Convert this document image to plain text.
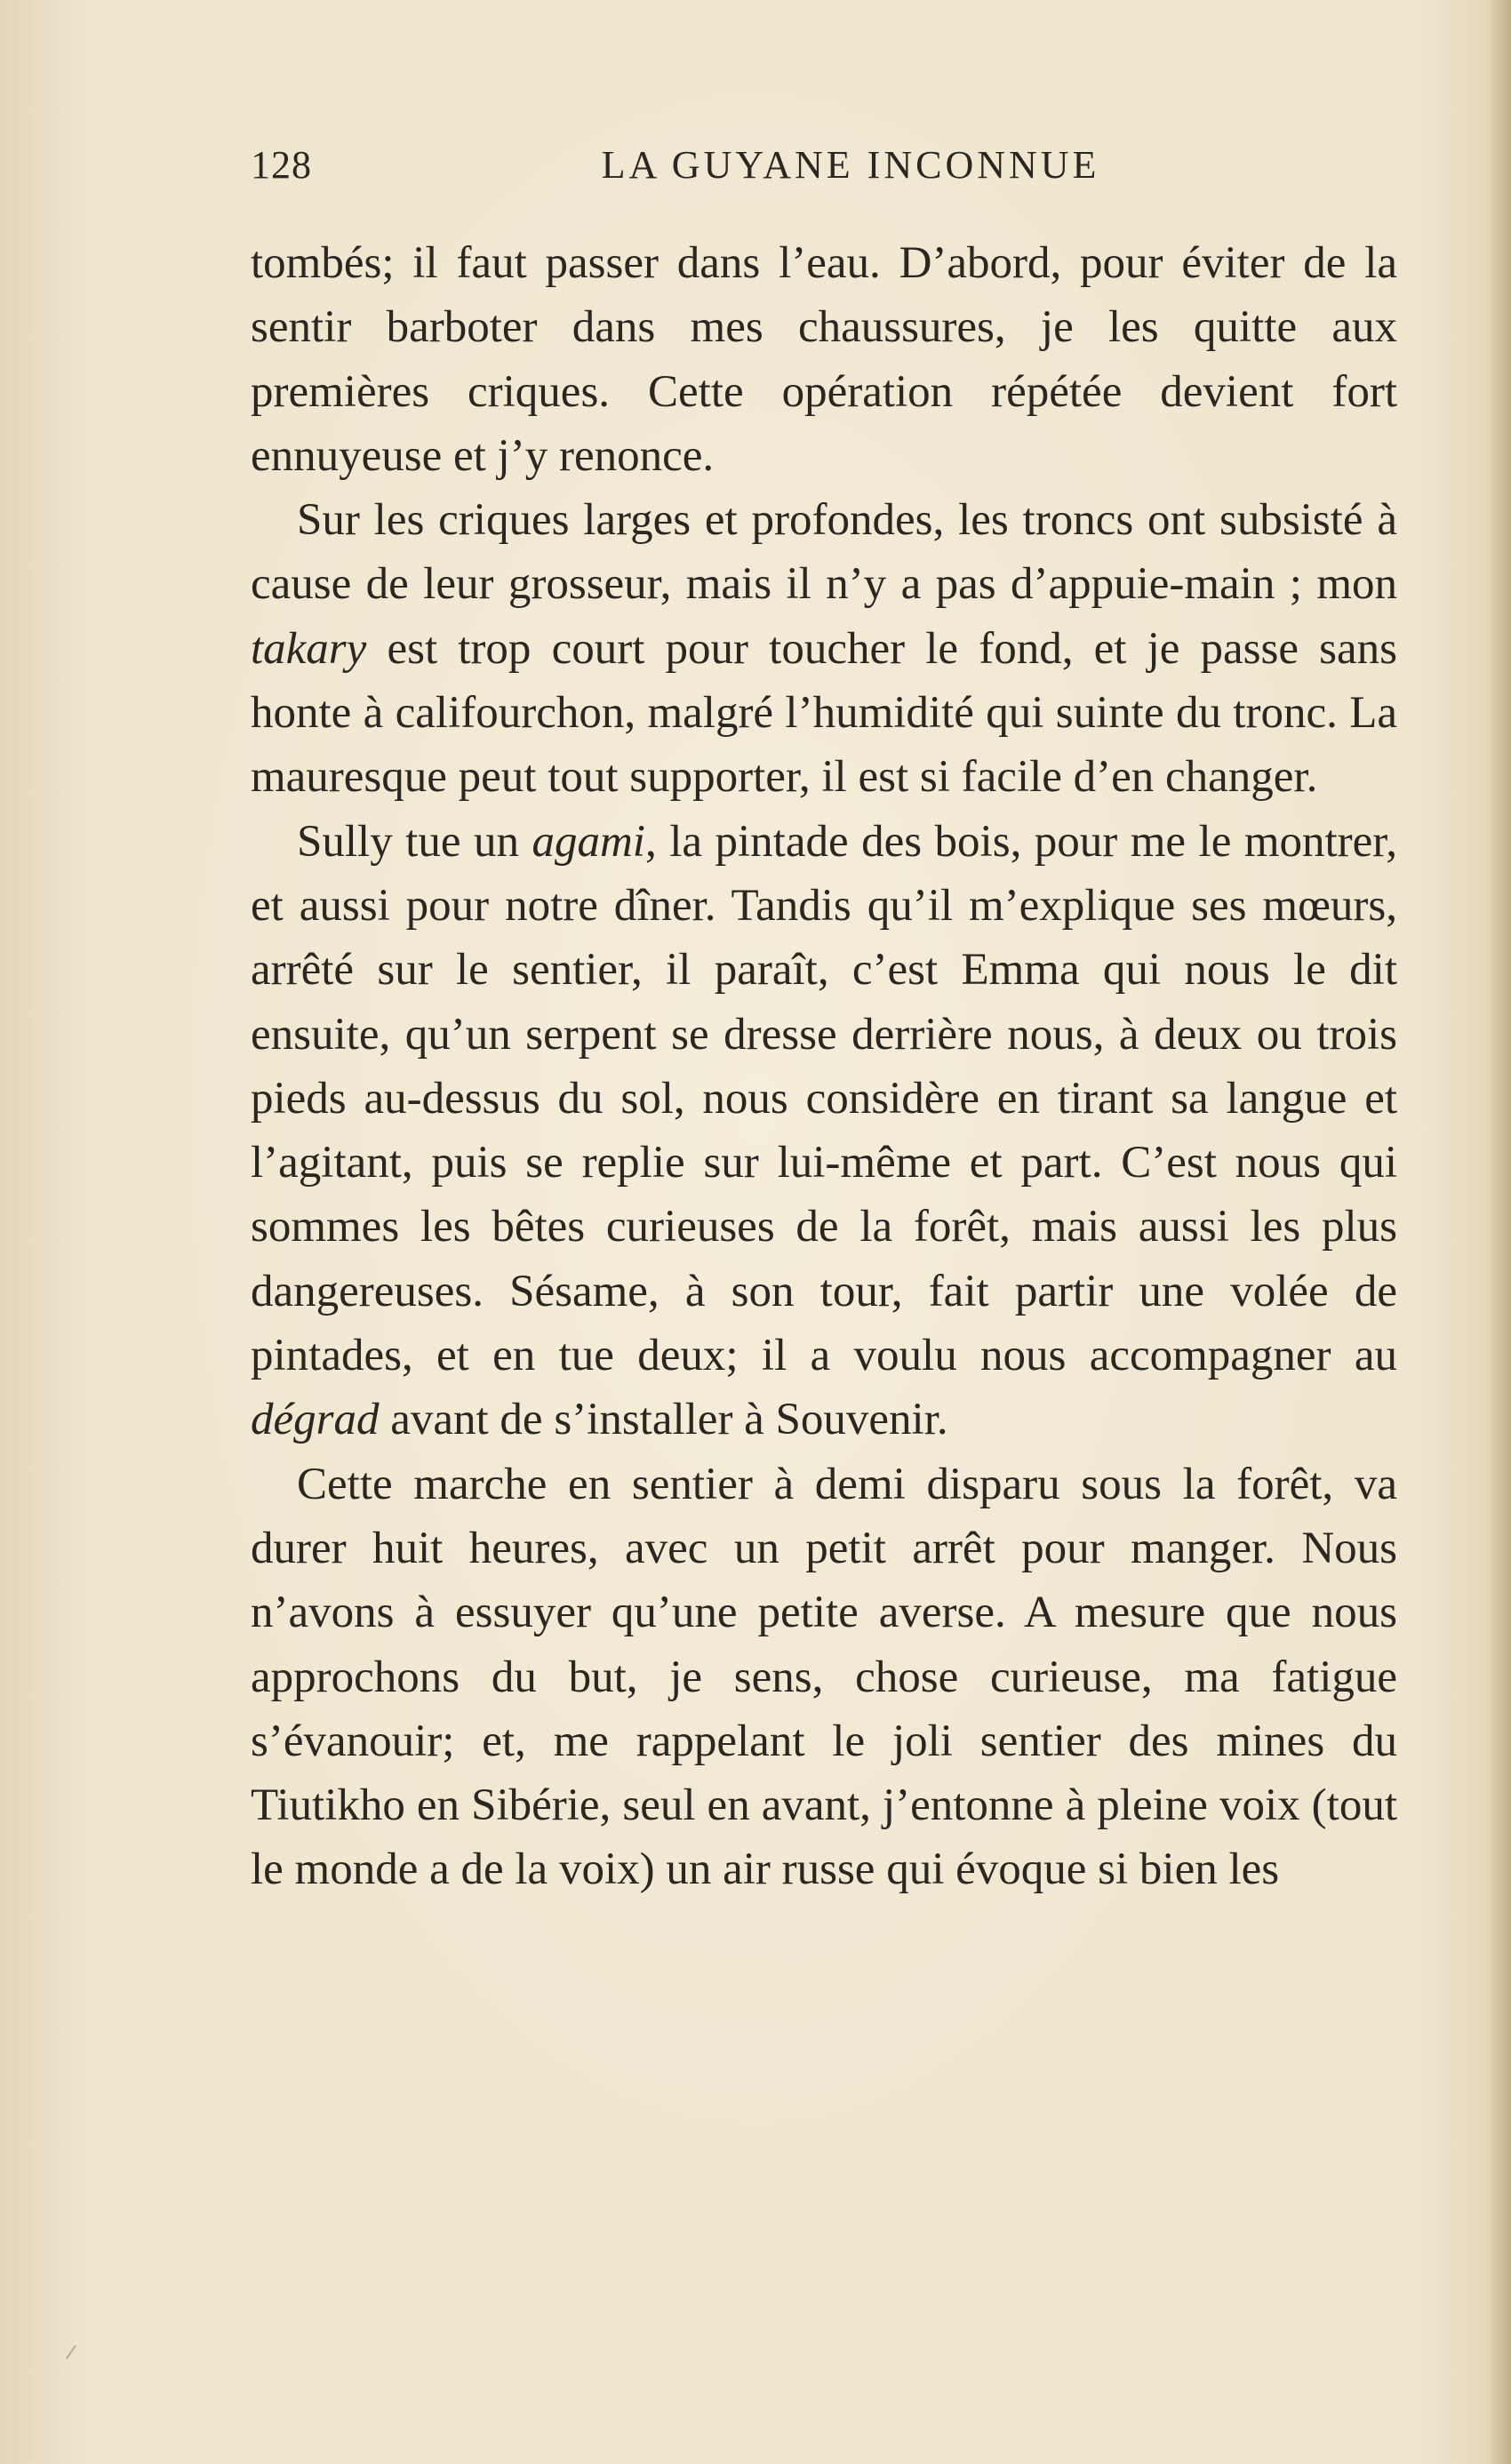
128	LA GUYANE INCONNUE

tombés; il faut passer dans l’eau. D’abord, pour éviter de la sentir barboter dans mes chaussures, je les quitte aux premières criques. Cette opération répétée devient fort ennuyeuse et j’y renonce.

Sur les criques larges et profondes, les troncs ont subsisté à cause de leur grosseur, mais il n’y a pas d’appuie-main ; mon takary est trop court pour toucher le fond, et je passe sans honte à califourchon, malgré l’humidité qui suinte du tronc. La mauresque peut tout supporter, il est si facile d’en changer.

Sully tue un agami, la pintade des bois, pour me le montrer, et aussi pour notre dîner. Tandis qu’il m’explique ses mœurs, arrêté sur le sentier, il paraît, c’est Emma qui nous le dit ensuite, qu’un serpent se dresse derrière nous, à deux ou trois pieds au-dessus du sol, nous considère en tirant sa langue et l’agitant, puis se replie sur lui-même et part. C’est nous qui sommes les bêtes curieuses de la forêt, mais aussi les plus dangereuses. Sésame, à son tour, fait partir une volée de pintades, et en tue deux; il a voulu nous accompagner au dégrad avant de s’installer à Souvenir.

Cette marche en sentier à demi disparu sous la forêt, va durer huit heures, avec un petit arrêt pour manger. Nous n’avons à essuyer qu’une petite averse. A mesure que nous approchons du but, je sens, chose curieuse, ma fatigue s’évanouir; et, me rappelant le joli sentier des mines du Tiutikho en Sibérie, seul en avant, j’entonne à pleine voix (tout le monde a de la voix) un air russe qui évoque si bien les
